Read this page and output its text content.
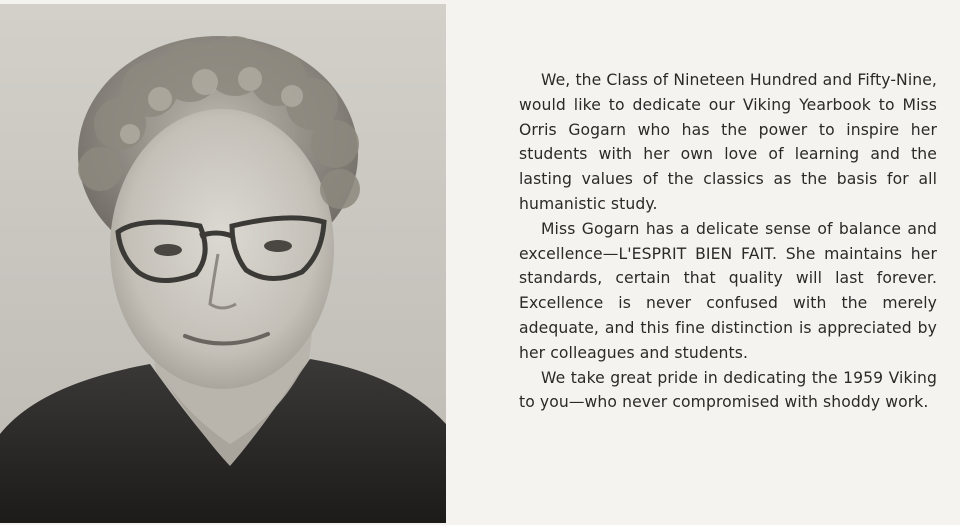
We, the Class of Nineteen Hundred and Fifty-Nine, would like to dedicate our Viking Yearbook to Miss Orris Gogarn who has the power to inspire her students with her own love of learning and the lasting values of the classics as the basis for all humanistic study.

Miss Gogarn has a delicate sense of balance and excellence—L'ESPRIT BIEN FAIT. She maintains her standards, certain that quality will last forever. Excellence is never confused with the merely adequate, and this fine distinction is appreciated by her colleagues and students.

We take great pride in dedicating the 1959 Viking to you—who never compromised with shoddy work.
